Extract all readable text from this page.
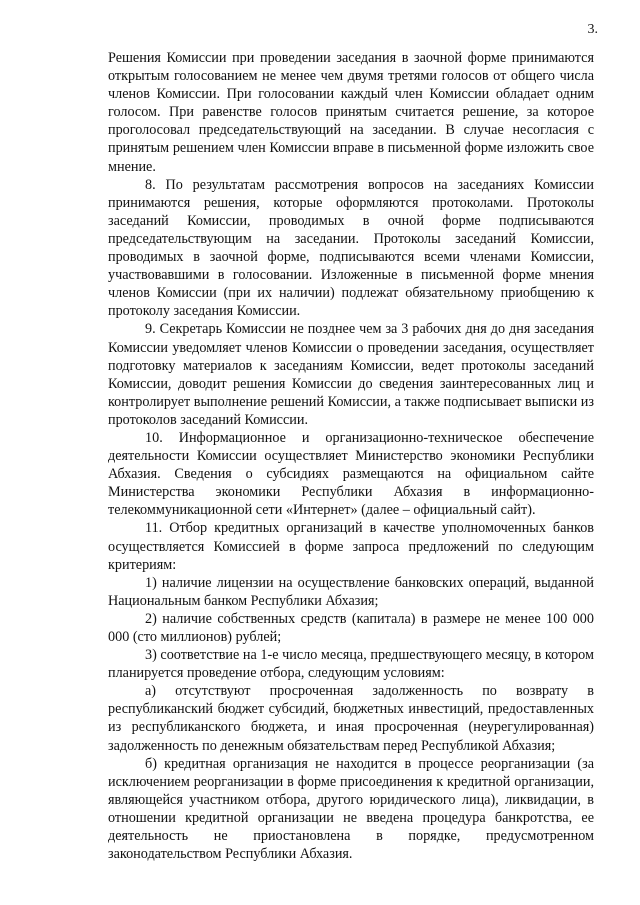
3.

Решения Комиссии при проведении заседания в заочной форме принимаются открытым голосованием не менее чем двумя третями голосов от общего числа членов Комиссии. При голосовании каждый член Комиссии обладает одним голосом. При равенстве голосов принятым считается решение, за которое проголосовал председательствующий на заседании. В случае несогласия с принятым решением член Комиссии вправе в письменной форме изложить свое мнение.

8. По результатам рассмотрения вопросов на заседаниях Комиссии принимаются решения, которые оформляются протоколами. Протоколы заседаний Комиссии, проводимых в очной форме подписываются председательствующим на заседании. Протоколы заседаний Комиссии, проводимых в заочной форме, подписываются всеми членами Комиссии, участвовавшими в голосовании. Изложенные в письменной форме мнения членов Комиссии (при их наличии) подлежат обязательному приобщению к протоколу заседания Комиссии.

9. Секретарь Комиссии не позднее чем за 3 рабочих дня до дня заседания Комиссии уведомляет членов Комиссии о проведении заседания, осуществляет подготовку материалов к заседаниям Комиссии, ведет протоколы заседаний Комиссии, доводит решения Комиссии до сведения заинтересованных лиц и контролирует выполнение решений Комиссии, а также подписывает выписки из протоколов заседаний Комиссии.

10. Информационное и организационно-техническое обеспечение деятельности Комиссии осуществляет Министерство экономики Республики Абхазия. Сведения о субсидиях размещаются на официальном сайте Министерства экономики Республики Абхазия в информационно-телекоммуникационной сети «Интернет» (далее – официальный сайт).

11. Отбор кредитных организаций в качестве уполномоченных банков осуществляется Комиссией в форме запроса предложений по следующим критериям:

1) наличие лицензии на осуществление банковских операций, выданной Национальным банком Республики Абхазия;

2) наличие собственных средств (капитала) в размере не менее 100 000 000 (сто миллионов) рублей;

3) соответствие на 1-е число месяца, предшествующего месяцу, в котором планируется проведение отбора, следующим условиям:

а) отсутствуют просроченная задолженность по возврату в республиканский бюджет субсидий, бюджетных инвестиций, предоставленных из республиканского бюджета, и иная просроченная (неурегулированная) задолженность по денежным обязательствам перед Республикой Абхазия;

б) кредитная организация не находится в процессе реорганизации (за исключением реорганизации в форме присоединения к кредитной организации, являющейся участником отбора, другого юридического лица), ликвидации, в отношении кредитной организации не введена процедура банкротства, ее деятельность не приостановлена в порядке, предусмотренном законодательством Республики Абхазия.
